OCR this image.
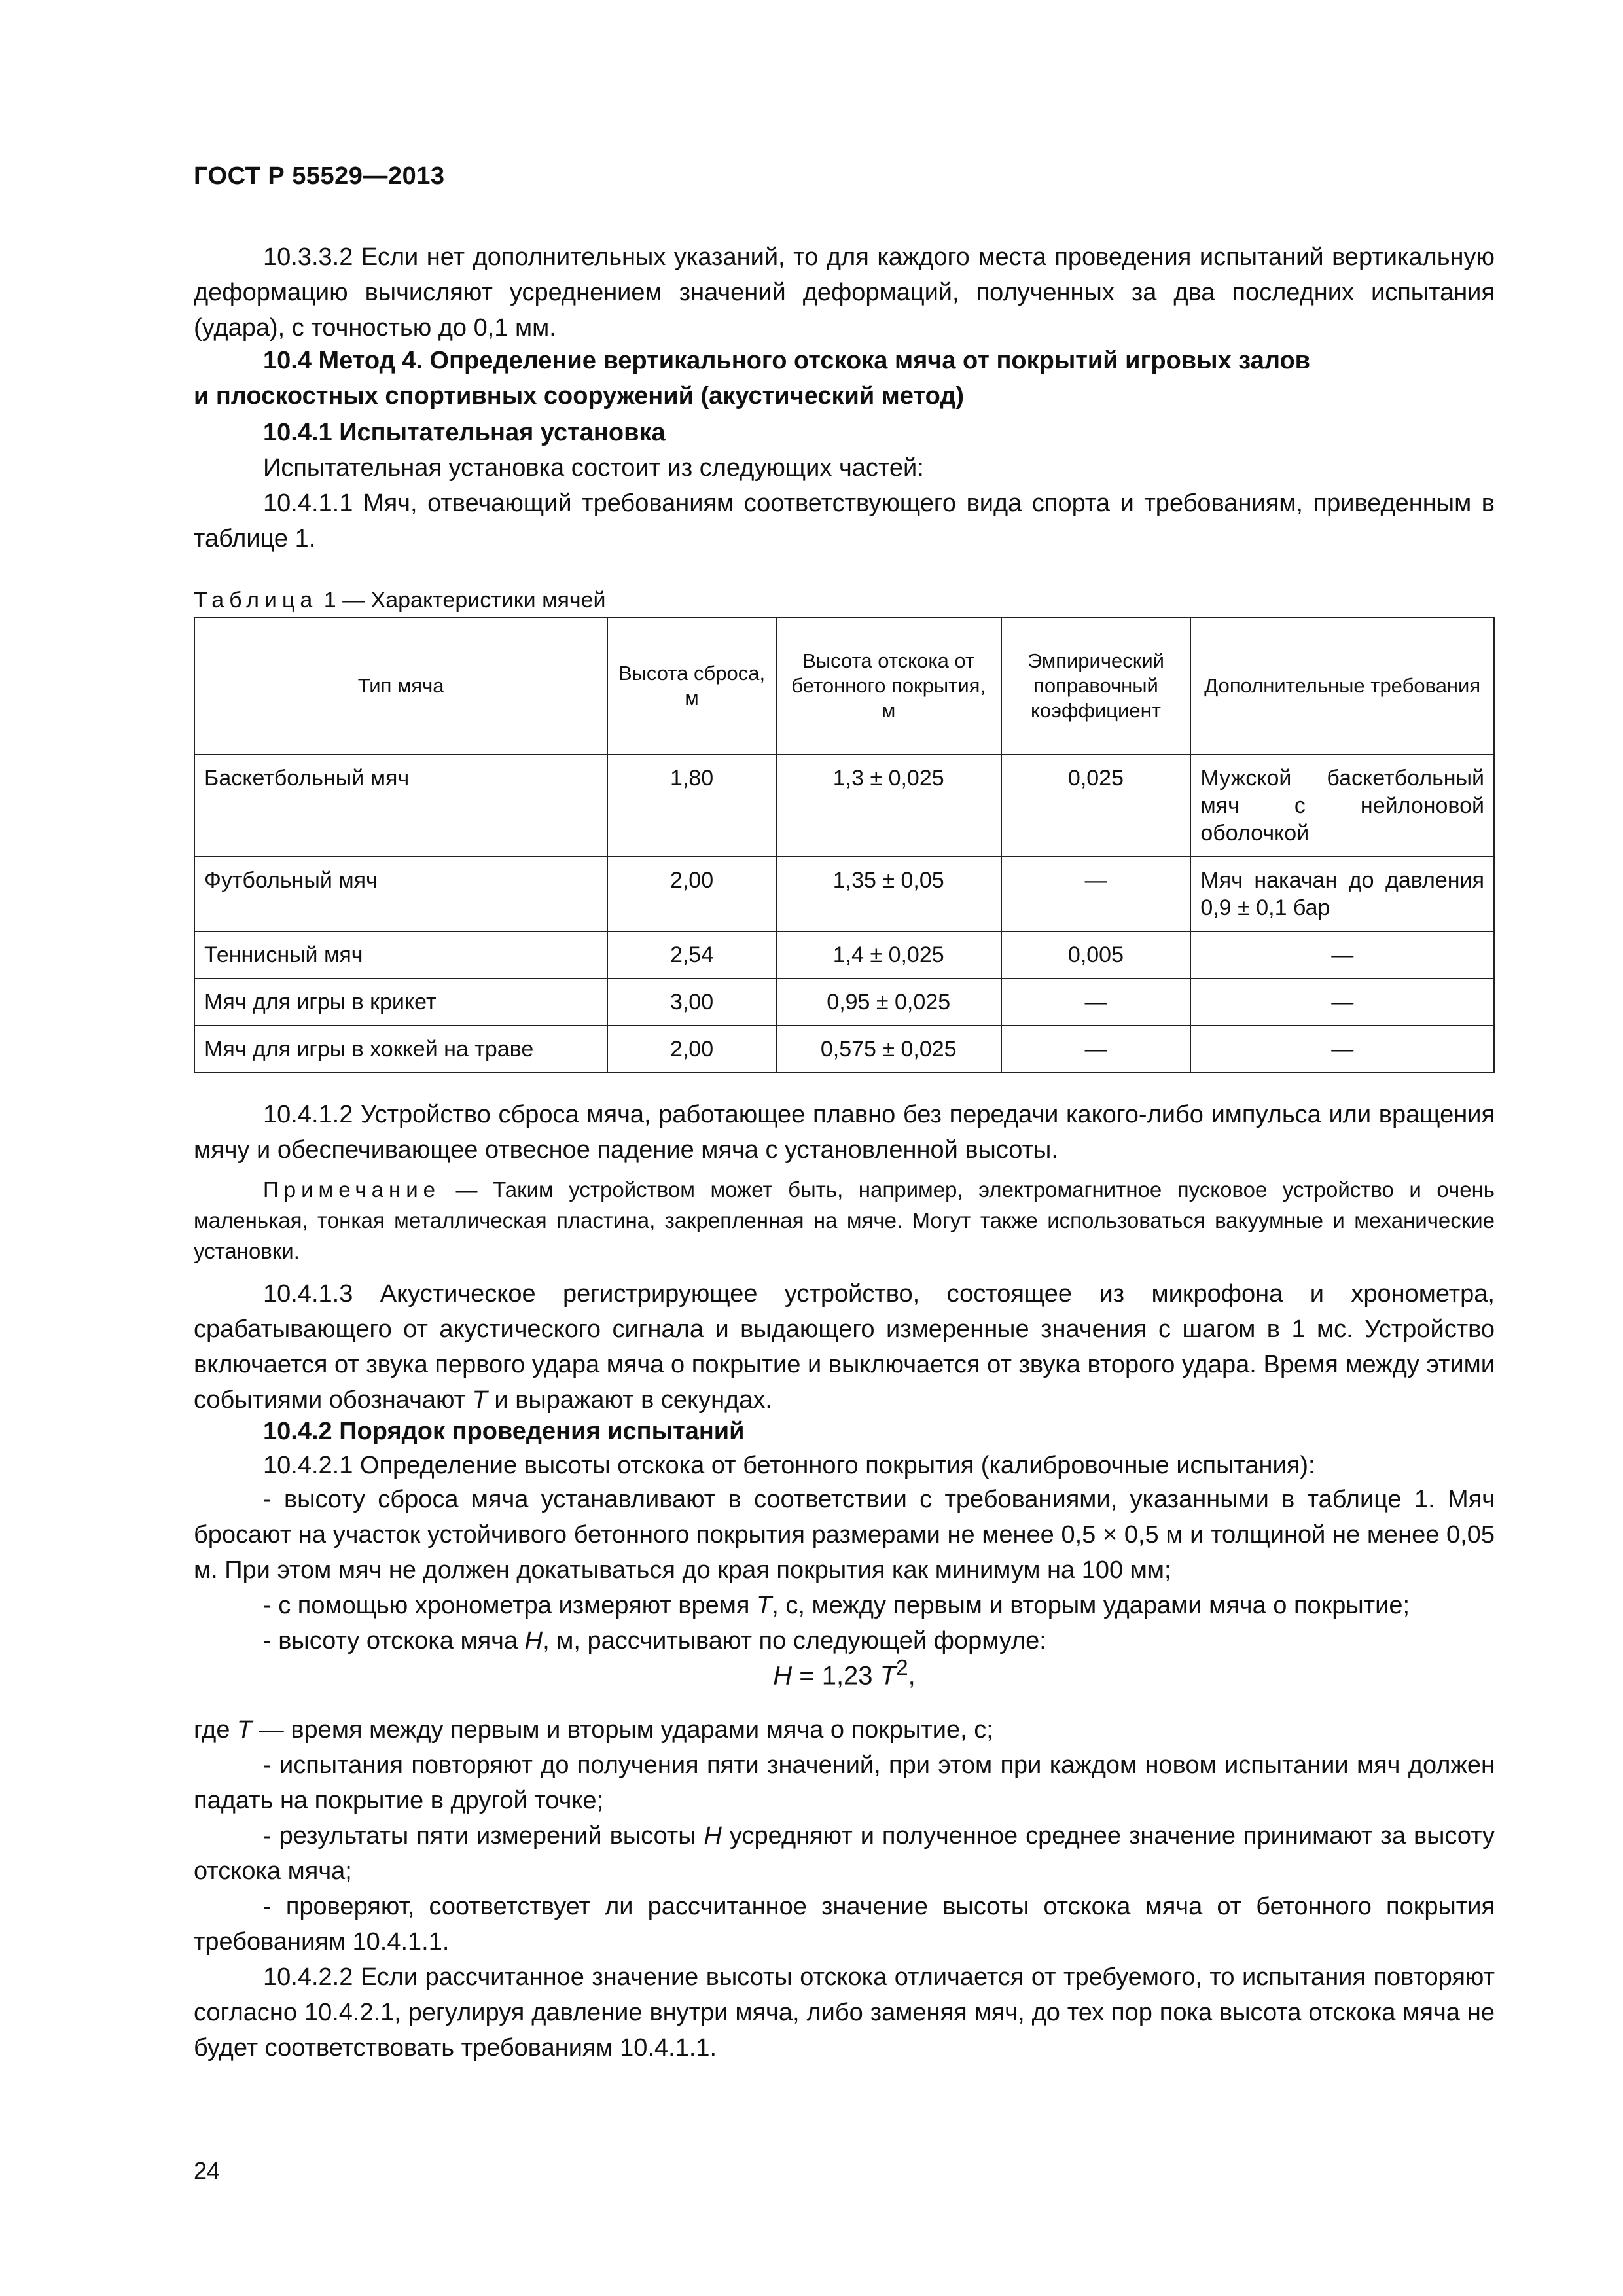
ГОСТ Р 55529—2013
10.3.3.2 Если нет дополнительных указаний, то для каждого места проведения испытаний вертикальную деформацию вычисляют усреднением значений деформаций, полученных за два последних испытания (удара), с точностью до 0,1 мм.
10.4 Метод 4. Определение вертикального отскока мяча от покрытий игровых залов
и плоскостных спортивных сооружений (акустический метод)
10.4.1 Испытательная установка
Испытательная установка состоит из следующих частей:
10.4.1.1 Мяч, отвечающий требованиям соответствующего вида спорта и требованиям, приведенным в таблице 1.
Таблица 1 — Характеристики мячей
Тип мяча	Высота сброса, м	Высота отскока от бетонного покрытия, м	Эмпирический поправочный коэффициент	Дополнительные требования
Баскетбольный мяч	1,80	1,3 ± 0,025	0,025	Мужской баскетбольный мяч с нейлоновой оболочкой
Футбольный мяч	2,00	1,35 ± 0,05	—	Мяч накачан до давления 0,9 ± 0,1 бар
Теннисный мяч	2,54	1,4 ± 0,025	0,005	—
Мяч для игры в крикет	3,00	0,95 ± 0,025	—	—
Мяч для игры в хоккей на траве	2,00	0,575 ± 0,025	—	—
10.4.1.2 Устройство сброса мяча, работающее плавно без передачи какого-либо импульса или вращения мячу и обеспечивающее отвесное падение мяча с установленной высоты.
Примечание — Таким устройством может быть, например, электромагнитное пусковое устройство и очень маленькая, тонкая металлическая пластина, закрепленная на мяче. Могут также использоваться вакуумные и механические установки.
10.4.1.3 Акустическое регистрирующее устройство, состоящее из микрофона и хронометра, срабатывающего от акустического сигнала и выдающего измеренные значения с шагом в 1 мс. Устройство включается от звука первого удара мяча о покрытие и выключается от звука второго удара. Время между этими событиями обозначают T и выражают в секундах.
10.4.2 Порядок проведения испытаний
10.4.2.1 Определение высоты отскока от бетонного покрытия (калибровочные испытания):
- высоту сброса мяча устанавливают в соответствии с требованиями, указанными в таблице 1. Мяч бросают на участок устойчивого бетонного покрытия размерами не менее 0,5 × 0,5 м и толщиной не менее 0,05 м. При этом мяч не должен докатываться до края покрытия как минимум на 100 мм;
- с помощью хронометра измеряют время T, с, между первым и вторым ударами мяча о покрытие;
- высоту отскока мяча H, м, рассчитывают по следующей формуле:
H = 1,23 $T^2$,
где T — время между первым и вторым ударами мяча о покрытие, с;
- испытания повторяют до получения пяти значений, при этом при каждом новом испытании мяч должен падать на покрытие в другой точке;
- результаты пяти измерений высоты H усредняют и полученное среднее значение принимают за высоту отскока мяча;
- проверяют, соответствует ли рассчитанное значение высоты отскока мяча от бетонного покрытия требованиям 10.4.1.1.
10.4.2.2 Если рассчитанное значение высоты отскока отличается от требуемого, то испытания повторяют согласно 10.4.2.1, регулируя давление внутри мяча, либо заменяя мяч, до тех пор пока высота отскока мяча не будет соответствовать требованиям 10.4.1.1.
24
